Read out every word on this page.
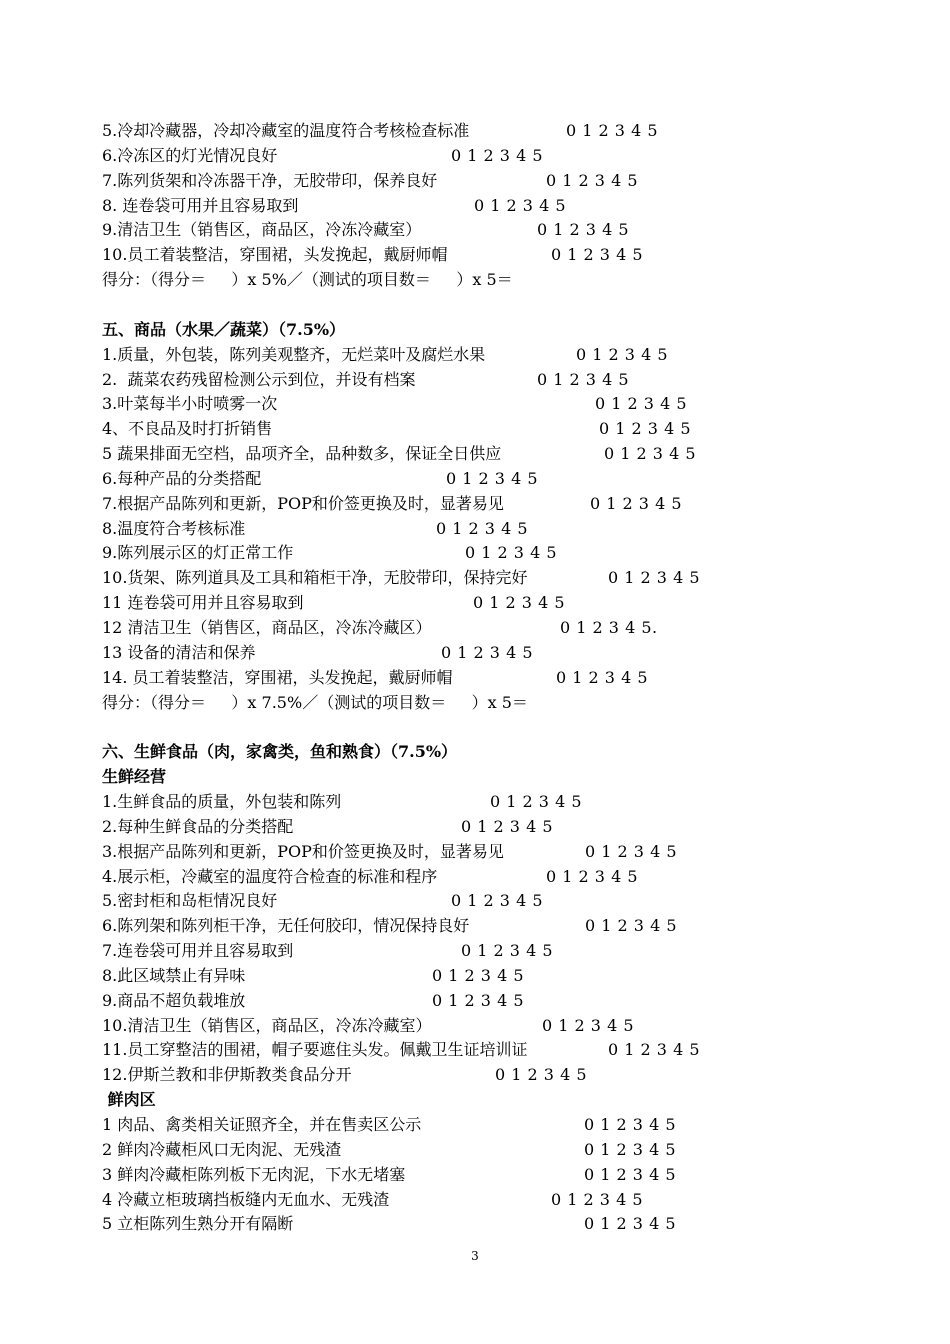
5.冷却冷藏器，冷却冷藏室的温度符合考核检查标准	0 1 2 3 4 5
6.冷冻区的灯光情况良好	0 1 2 3 4 5
7.陈列货架和冷冻器干净，无胶带印，保养良好	0 1 2 3 4 5
8. 连卷袋可用并且容易取到	0 1 2 3 4 5
9.清洁卫生（销售区，商品区，冷冻冷藏室）	0 1 2 3 4 5
10.员工着装整洁，穿围裙，头发挽起，戴厨师帽	0 1 2 3 4 5
得分：（得分＝     ）x 5%／（测试的项目数＝     ）x 5＝
五、商品（水果／蔬菜）（7.5%）
1.质量，外包装，陈列美观整齐，无烂菜叶及腐烂水果	0 1 2 3 4 5
2.  蔬菜农药残留检测公示到位，并设有档案	0 1 2 3 4 5
3.叶菜每半小时喷雾一次	0 1 2 3 4 5
4、不良品及时打折销售	0 1 2 3 4 5
5 蔬果排面无空档，品项齐全，品种数多，保证全日供应	0 1 2 3 4 5
6.每种产品的分类搭配	0 1 2 3 4 5
7.根据产品陈列和更新，POP和价签更换及时，显著易见	0 1 2 3 4 5
8.温度符合考核标准	0 1 2 3 4 5
9.陈列展示区的灯正常工作	0 1 2 3 4 5
10.货架、陈列道具及工具和箱柜干净，无胶带印，保持完好	0 1 2 3 4 5
11 连卷袋可用并且容易取到	0 1 2 3 4 5
12 清洁卫生（销售区，商品区，冷冻冷藏区）	0 1 2 3 4 5.
13 设备的清洁和保养	0 1 2 3 4 5
14. 员工着装整洁，穿围裙，头发挽起，戴厨师帽	0 1 2 3 4 5
得分：（得分＝     ）x 7.5%／（测试的项目数＝     ）x 5＝
六、生鲜食品（肉，家禽类，鱼和熟食）（7.5%）
生鲜经营
1.生鲜食品的质量，外包装和陈列	0 1 2 3 4 5
2.每种生鲜食品的分类搭配	0 1 2 3 4 5
3.根据产品陈列和更新，POP和价签更换及时，显著易见	0 1 2 3 4 5
4.展示柜，冷藏室的温度符合检查的标准和程序	0 1 2 3 4 5
5.密封柜和岛柜情况良好	0 1 2 3 4 5
6.陈列架和陈列柜干净，无任何胶印，情况保持良好	0 1 2 3 4 5
7.连卷袋可用并且容易取到	0 1 2 3 4 5
8.此区域禁止有异味	0 1 2 3 4 5
9.商品不超负载堆放	0 1 2 3 4 5
10.清洁卫生（销售区，商品区，冷冻冷藏室）	0 1 2 3 4 5
11.员工穿整洁的围裙，帽子要遮住头发。佩戴卫生证培训证	0 1 2 3 4 5
12.伊斯兰教和非伊斯教类食品分开	0 1 2 3 4 5
鲜肉区
1 肉品、禽类相关证照齐全，并在售卖区公示	0 1 2 3 4 5
2 鲜肉冷藏柜风口无肉泥、无残渣	0 1 2 3 4 5
3 鲜肉冷藏柜陈列板下无肉泥，下水无堵塞	0 1 2 3 4 5
4 冷藏立柜玻璃挡板缝内无血水、无残渣	0 1 2 3 4 5
5 立柜陈列生熟分开有隔断	0 1 2 3 4 5
3
